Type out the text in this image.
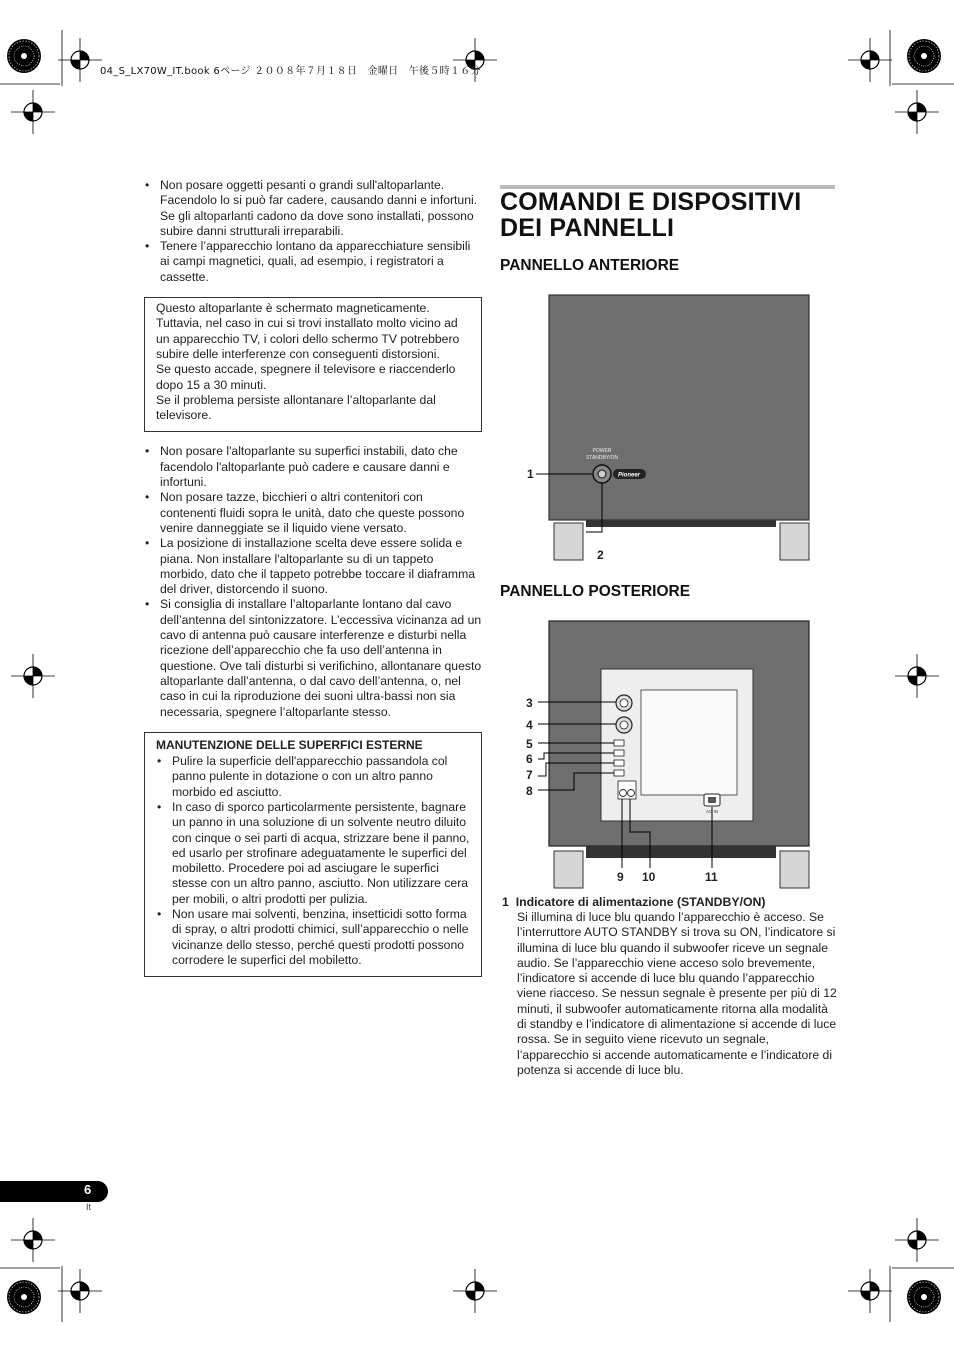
04_S_LX70W_IT.book 6ページ ２００８年７月１８日　金曜日　午後５時１６分
• Non posare oggetti pesanti o grandi sull'altoparlante. Facendolo lo si può far cadere, causando danni e infortuni. Se gli altoparlanti cadono da dove sono installati, possono subire danni strutturali irreparabili.
• Tenere l’apparecchio lontano da apparecchiature sensibili ai campi magnetici, quali, ad esempio, i registratori a cassette.

Questo altoparlante è schermato magneticamente. Tuttavia, nel caso in cui si trovi installato molto vicino ad un apparecchio TV, i colori dello schermo TV potrebbero subire delle interferenze con conseguenti distorsioni.

Se questo accade, spegnere il televisore e riaccenderlo dopo 15 a 30 minuti.

Se il problema persiste allontanare l’altoparlante dal televisore.

• Non posare l'altoparlante su superfici instabili, dato che facendolo l'altoparlante può cadere e causare danni e infortuni.
• Non posare tazze, bicchieri o altri contenitori con contenenti fluidi sopra le unità, dato che queste possono venire danneggiate se il liquido viene versato.
• La posizione di installazione scelta deve essere solida e piana. Non installare l'altoparlante su di un tappeto morbido, dato che il tappeto potrebbe toccare il diaframma del driver, distorcendo il suono.
• Si consiglia di installare l’altoparlante lontano dal cavo dell’antenna del sintonizzatore. L’eccessiva vicinanza ad un cavo di antenna può causare interferenze e disturbi nella ricezione dell’apparecchio che fa uso dell’antenna in questione. Ove tali disturbi si verifichino, allontanare questo altoparlante dall’antenna, o dal cavo dell’antenna, o, nel caso in cui la riproduzione dei suoni ultra-bassi non sia necessaria, spegnere l’altoparlante stesso.
MANUTENZIONE DELLE SUPERFICI ESTERNE
• Pulire la superficie dell'apparecchio passandola col panno pulente in dotazione o con un altro panno morbido ed asciutto.
• In caso di sporco particolarmente persistente, bagnare un panno in una soluzione di un solvente neutro diluito con cinque o sei parti di acqua, strizzare bene il panno, ed usarlo per strofinare adeguatamente le superfici del mobiletto. Procedere poi ad asciugare le superfici stesse con un altro panno, asciutto. Non utilizzare cera per mobili, o altri prodotti per pulizia.
• Non usare mai solventi, benzina, insetticidi sotto forma di spray, o altri prodotti chimici, sull’apparecchio o nelle vicinanze dello stesso, perché questi prodotti possono corrodere le superfici del mobiletto.
COMANDI E DISPOSITIVI
DEI PANNELLI
PANNELLO ANTERIORE
POWER
STANDBY/ON
Pioneer
1
2
PANNELLO POSTERIORE
AC IN
3
4
5
6
7
8
9 10	11
1 Indicatore di alimentazione (STANDBY/ON)
Si illumina di luce blu quando l’apparecchio è acceso. Se l’interruttore AUTO STANDBY si trova su ON, l’indicatore si illumina di luce blu quando il subwoofer riceve un segnale audio. Se l’apparecchio viene acceso solo brevemente, l’indicatore si accende di luce blu quando l’apparecchio viene riacceso. Se nessun segnale è presente per più di 12 minuti, il subwoofer automaticamente ritorna alla modalità di standby e l’indicatore di alimentazione si accende di luce rossa. Se in seguito viene ricevuto un segnale, l’apparecchio si accende automaticamente e l’indicatore di potenza si accende di luce blu.
6
It
